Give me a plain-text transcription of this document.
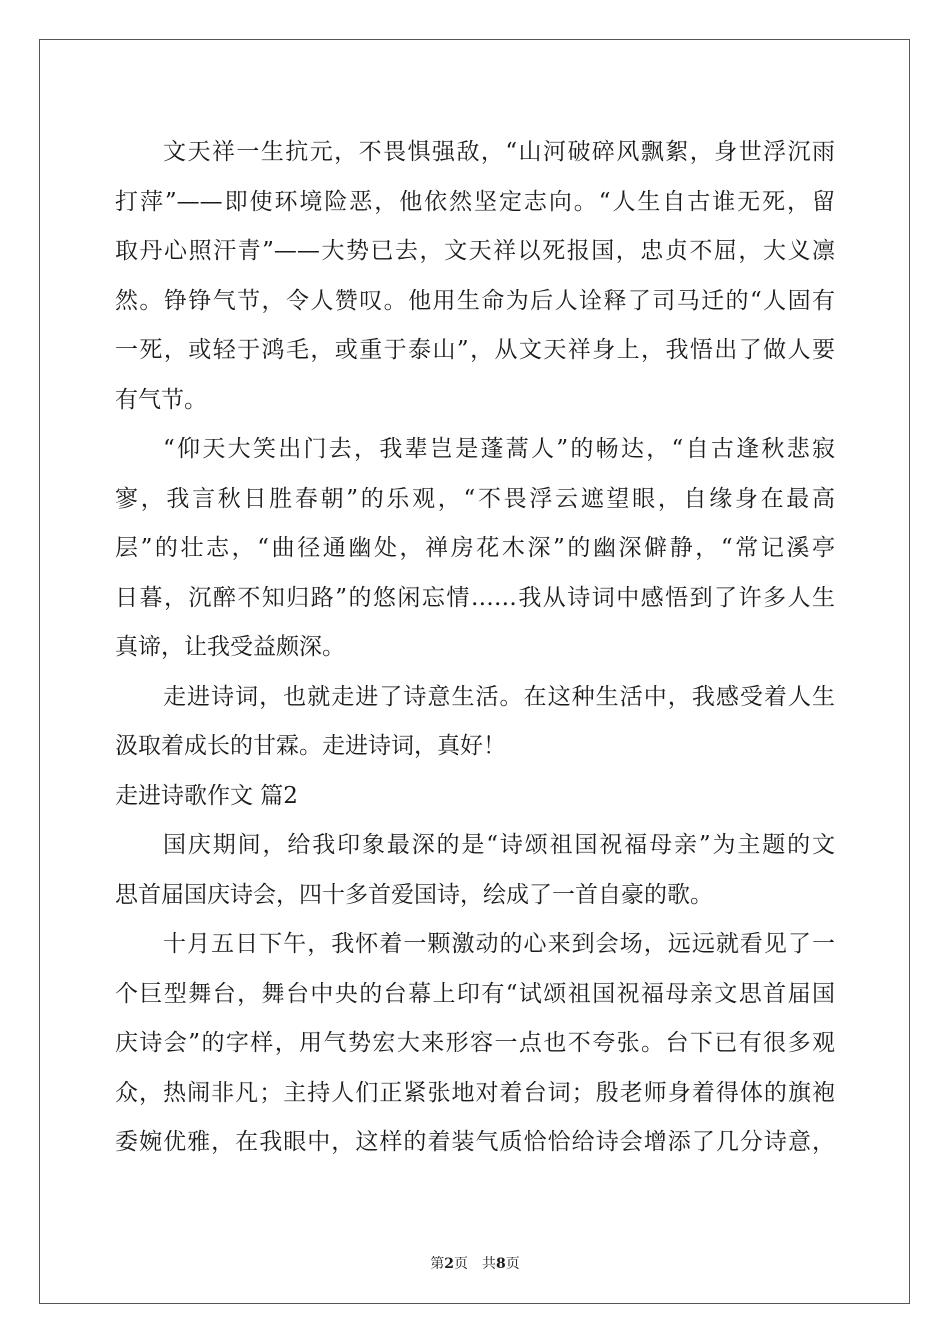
文天祥一生抗元，不畏惧强敌，“山河破碎风飘絮，身世浮沉雨
打萍”——即使环境险恶，他依然坚定志向。“人生自古谁无死，留
取丹心照汗青”——大势已去，文天祥以死报国，忠贞不屈，大义凛
然。铮铮气节，令人赞叹。他用生命为后人诠释了司马迁的“人固有
一死，或轻于鸿毛，或重于泰山”，从文天祥身上，我悟出了做人要
有气节。
“仰天大笑出门去，我辈岂是蓬蒿人”的畅达，“自古逢秋悲寂
寥，我言秋日胜春朝”的乐观，“不畏浮云遮望眼，自缘身在最高
层”的壮志，“曲径通幽处，禅房花木深”的幽深僻静，“常记溪亭
日暮，沉醉不知归路”的悠闲忘情……我从诗词中感悟到了许多人生
真谛，让我受益颇深。
走进诗词，也就走进了诗意生活。在这种生活中，我感受着人生
汲取着成长的甘霖。走进诗词，真好！
走进诗歌作文 篇2
国庆期间，给我印象最深的是“诗颂祖国祝福母亲”为主题的文
思首届国庆诗会，四十多首爱国诗，绘成了一首自豪的歌。
十月五日下午，我怀着一颗激动的心来到会场，远远就看见了一
个巨型舞台，舞台中央的台幕上印有“试颂祖国祝福母亲文思首届国
庆诗会”的字样，用气势宏大来形容一点也不夸张。台下已有很多观
众，热闹非凡；主持人们正紧张地对着台词；殷老师身着得体的旗袍
委婉优雅，在我眼中，这样的着装气质恰恰给诗会增添了几分诗意，
第2页 共8页
